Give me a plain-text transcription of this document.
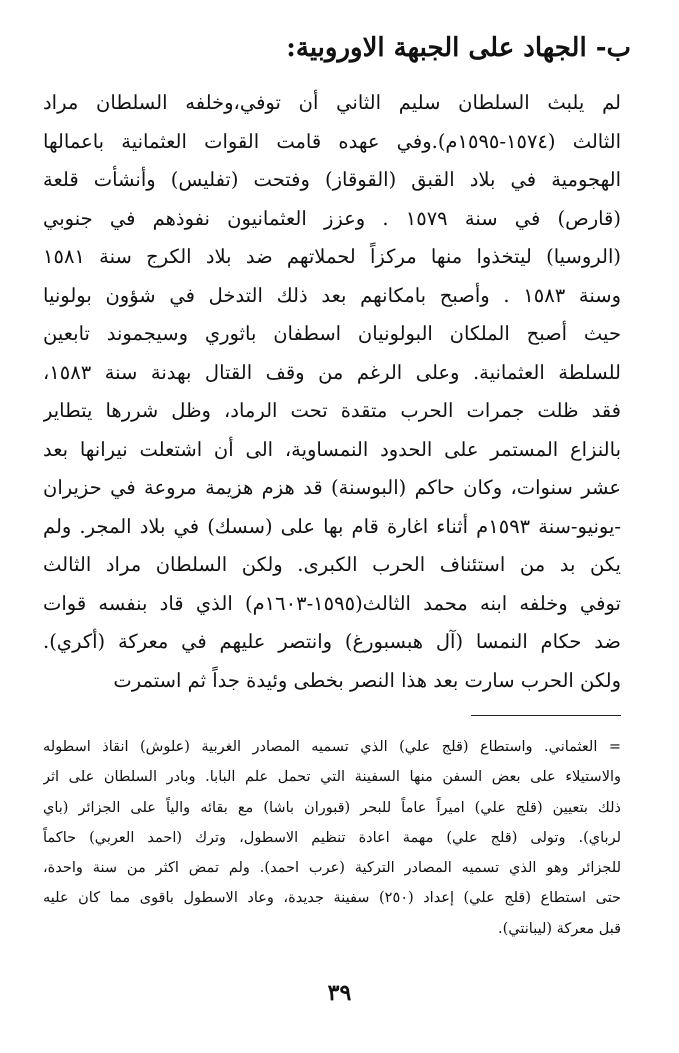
ب- الجهاد على الجبهة الاوروبية:
لم يلبث السلطان سليم الثاني أن توفي،وخلفه السلطان مراد
الثالث (١٥٧٤-١٥٩٥م).وفي عهده قامت القوات العثمانية باعمالها
الهجومية في بلاد القبق (القوقاز) وفتحت (تفليس) وأنشأت قلعة
(قارص) في سنة ١٥٧٩ . وعزز العثمانيون نفوذهم في جنوبي
(الروسيا) ليتخذوا منها مركزاً لحملاتهم ضد بلاد الكرج سنة ١٥٨١
وسنة ١٥٨٣ . وأصبح بامكانهم بعد ذلك التدخل في شؤون بولونيا
حيث أصبح الملكان البولونيان اسطفان باثوري وسيجموند تابعين
للسلطة العثمانية. وعلى الرغم من وقف القتال بهدنة سنة ١٥٨٣،
فقد ظلت جمرات الحرب متقدة تحت الرماد، وظل شررها يتطاير
بالنزاع المستمر على الحدود النمساوية، الى أن اشتعلت نيرانها بعد
عشر سنوات، وكان حاكم (البوسنة) قد هزم هزيمة مروعة في حزيران
-يونيو-سنة ١٥٩٣م أثناء اغارة قام بها على (سسك) في بلاد المجر. ولم
يكن بد من استئناف الحرب الكبرى. ولكن السلطان مراد الثالث
توفي وخلفه ابنه محمد الثالث(١٥٩٥-١٦٠٣م) الذي قاد بنفسه قوات
ضد حكام النمسا (آل هبسبورغ) وانتصر عليهم في معركة (أكري).
ولكن الحرب سارت بعد هذا النصر بخطى وئيدة جداً ثم استمرت
= العثماني. واستطاع (قلج علي) الذي تسميه المصادر الغربية (علوش) انقاذ اسطوله
والاستيلاء على بعض السفن منها السفينة التي تحمل علم البابا. وبادر السلطان على اثر
ذلك بتعيين (قلج علي) اميراً عاماً للبحر (قبوران باشا) مع بقائه والياً على الجزائر (باي
لرباي). وتولى (قلج علي) مهمة اعادة تنظيم الاسطول، وترك (احمد العربي) حاكماً
للجزائر وهو الذي تسميه المصادر التركية (عرب احمد). ولم تمض اكثر من سنة واحدة،
حتى استطاع (قلج علي) إعداد (٢٥٠) سفينة جديدة، وعاد الاسطول باقوى مما كان عليه
قبل معركة (ليبانتي).
٣٩
